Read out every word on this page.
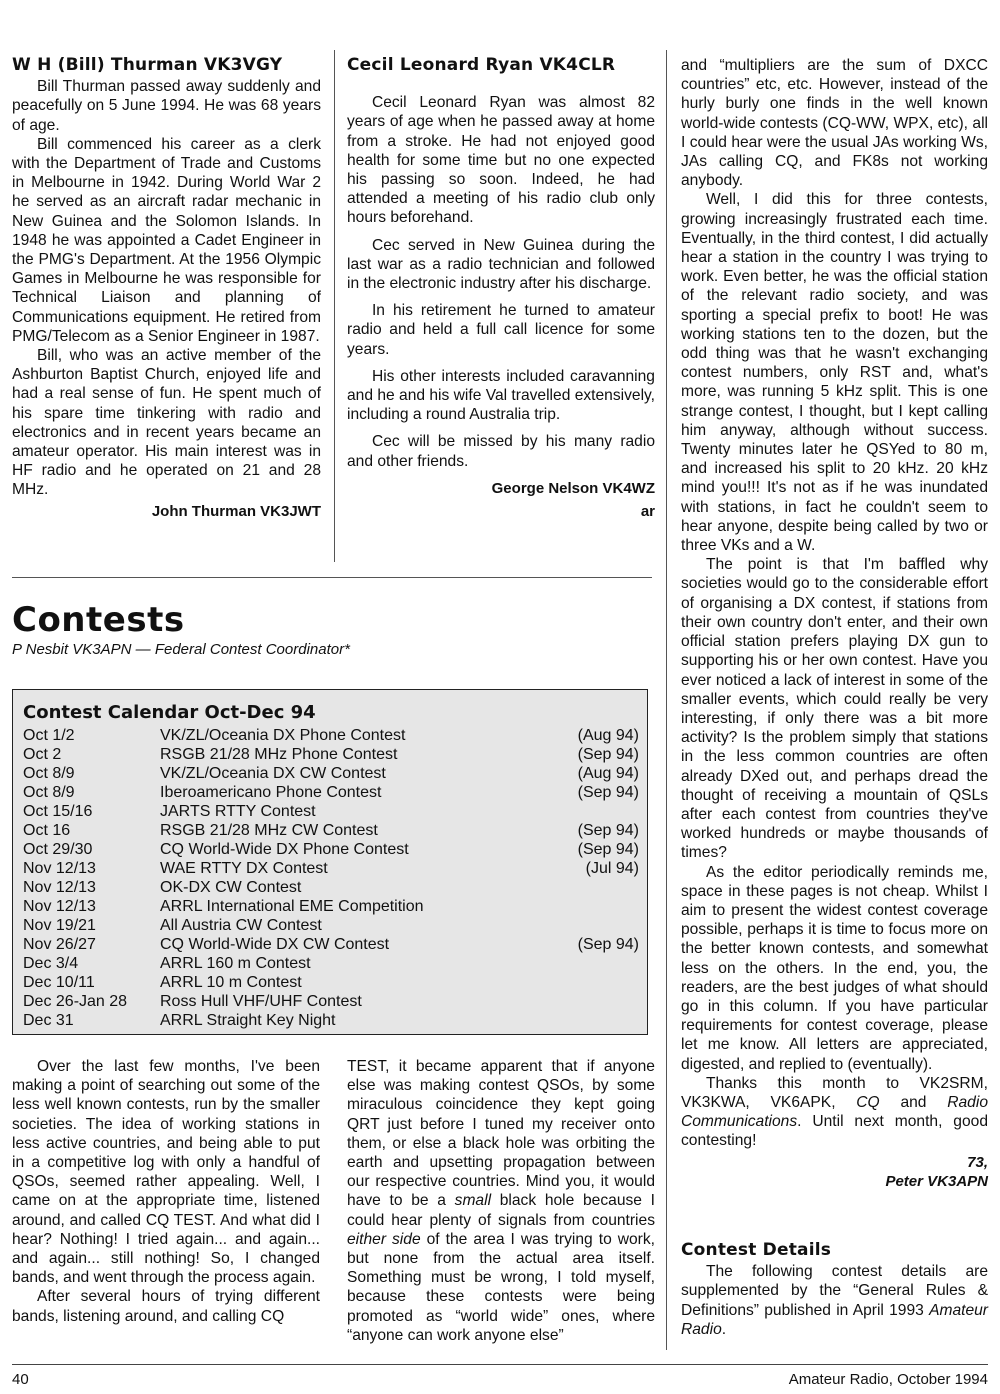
W H (Bill) Thurman VK3VGY

Bill Thurman passed away suddenly and peacefully on 5 June 1994. He was 68 years of age.

Bill commenced his career as a clerk with the Department of Trade and Customs in Melbourne in 1942. During World War 2 he served as an aircraft radar mechanic in New Guinea and the Solomon Islands. In 1948 he was appointed a Cadet Engineer in the PMG's Department. At the 1956 Olympic Games in Melbourne he was responsible for Technical Liaison and planning of Communications equipment. He retired from PMG/Telecom as a Senior Engineer in 1987.

Bill, who was an active member of the Ashburton Baptist Church, enjoyed life and had a real sense of fun. He spent much of his spare time tinkering with radio and electronics and in recent years became an amateur operator. His main interest was in HF radio and he operated on 21 and 28 MHz.

John Thurman VK3JWT
Cecil Leonard Ryan VK4CLR

Cecil Leonard Ryan was almost 82 years of age when he passed away at home from a stroke. He had not enjoyed good health for some time but no one expected his passing so soon. Indeed, he had attended a meeting of his radio club only hours beforehand.

Cec served in New Guinea during the last war as a radio technician and followed in the electronic industry after his discharge.

In his retirement he turned to amateur radio and held a full call licence for some years.

His other interests included caravanning and he and his wife Val travelled extensively, including a round Australia trip.

Cec will be missed by his many radio and other friends.

George Nelson VK4WZ
ar
Contests
P Nesbit VK3APN — Federal Contest Coordinator*
Contest Calendar Oct-Dec 94
Oct 1/2	VK/ZL/Oceania DX Phone Contest	(Aug 94)
Oct 2	RSGB 21/28 MHz Phone Contest	(Sep 94)
Oct 8/9	VK/ZL/Oceania DX CW Contest	(Aug 94)
Oct 8/9	Iberoamericano Phone Contest	(Sep 94)
Oct 15/16	JARTS RTTY Contest
Oct 16	RSGB 21/28 MHz CW Contest	(Sep 94)
Oct 29/30	CQ World-Wide DX Phone Contest	(Sep 94)
Nov 12/13	WAE RTTY DX Contest	(Jul 94)
Nov 12/13	OK-DX CW Contest
Nov 12/13	ARRL International EME Competition
Nov 19/21	All Austria CW Contest
Nov 26/27	CQ World-Wide DX CW Contest	(Sep 94)
Dec 3/4	ARRL 160 m Contest
Dec 10/11	ARRL 10 m Contest
Dec 26-Jan 28 Ross Hull VHF/UHF Contest
Dec 31	ARRL Straight Key Night

Over the last few months, I've been making a point of searching out some of the less well known contests, run by the smaller societies. The idea of working stations in less active countries, and being able to put in a competitive log with only a handful of QSOs, seemed rather appealing. Well, I came on at the appropriate time, listened around, and called CQ TEST. And what did I hear? Nothing! I tried again... and again... and again... still nothing! So, I changed bands, and went through the process again.

After several hours of trying different bands, listening around, and calling CQ

TEST, it became apparent that if anyone else was making contest QSOs, by some miraculous coincidence they kept going QRT just before I tuned my receiver onto them, or else a black hole was orbiting the earth and upsetting propagation between our respective countries. Mind you, it would have to be a small black hole because I could hear plenty of signals from countries either side of the area I was trying to work, but none from the actual area itself. Something must be wrong, I told myself, because these contests were being promoted as “world wide” ones, where “anyone can work anyone else”

and “multipliers are the sum of DXCC countries” etc, etc. However, instead of the hurly burly one finds in the well known world-wide contests (CQ-WW, WPX, etc), all I could hear were the usual JAs working Ws, JAs calling CQ, and FK8s not working anybody.

Well, I did this for three contests, growing increasingly frustrated each time. Eventually, in the third contest, I did actually hear a station in the country I was trying to work. Even better, he was the official station of the relevant radio society, and was sporting a special prefix to boot! He was working stations ten to the dozen, but the odd thing was that he wasn't exchanging contest numbers, only RST and, what's more, was running 5 kHz split. This is one strange contest, I thought, but I kept calling him anyway, although without success. Twenty minutes later he QSYed to 80 m, and increased his split to 20 kHz. 20 kHz mind you!!! It's not as if he was inundated with stations, in fact he couldn't seem to hear anyone, despite being called by two or three VKs and a W.

The point is that I'm baffled why societies would go to the considerable effort of organising a DX contest, if stations from their own country don't enter, and their own official station prefers playing DX gun to supporting his or her own contest. Have you ever noticed a lack of interest in some of the smaller events, which could really be very interesting, if only there was a bit more activity? Is the problem simply that stations in the less common countries are often already DXed out, and perhaps dread the thought of receiving a mountain of QSLs after each contest from countries they've worked hundreds or maybe thousands of times?

As the editor periodically reminds me, space in these pages is not cheap. Whilst I aim to present the widest contest coverage possible, perhaps it is time to focus more on the better known contests, and somewhat less on the others. In the end, you, the readers, are the best judges of what should go in this column. If you have particular requirements for contest coverage, please let me know. All letters are appreciated, digested, and replied to (eventually).

Thanks this month to VK2SRM, VK3KWA, VK6APK, CQ and Radio Communications. Until next month, good contesting!

73,
Peter VK3APN
Contest Details

The following contest details are supplemented by the “General Rules & Definitions” published in April 1993 Amateur Radio.

40	Amateur Radio, October 1994
